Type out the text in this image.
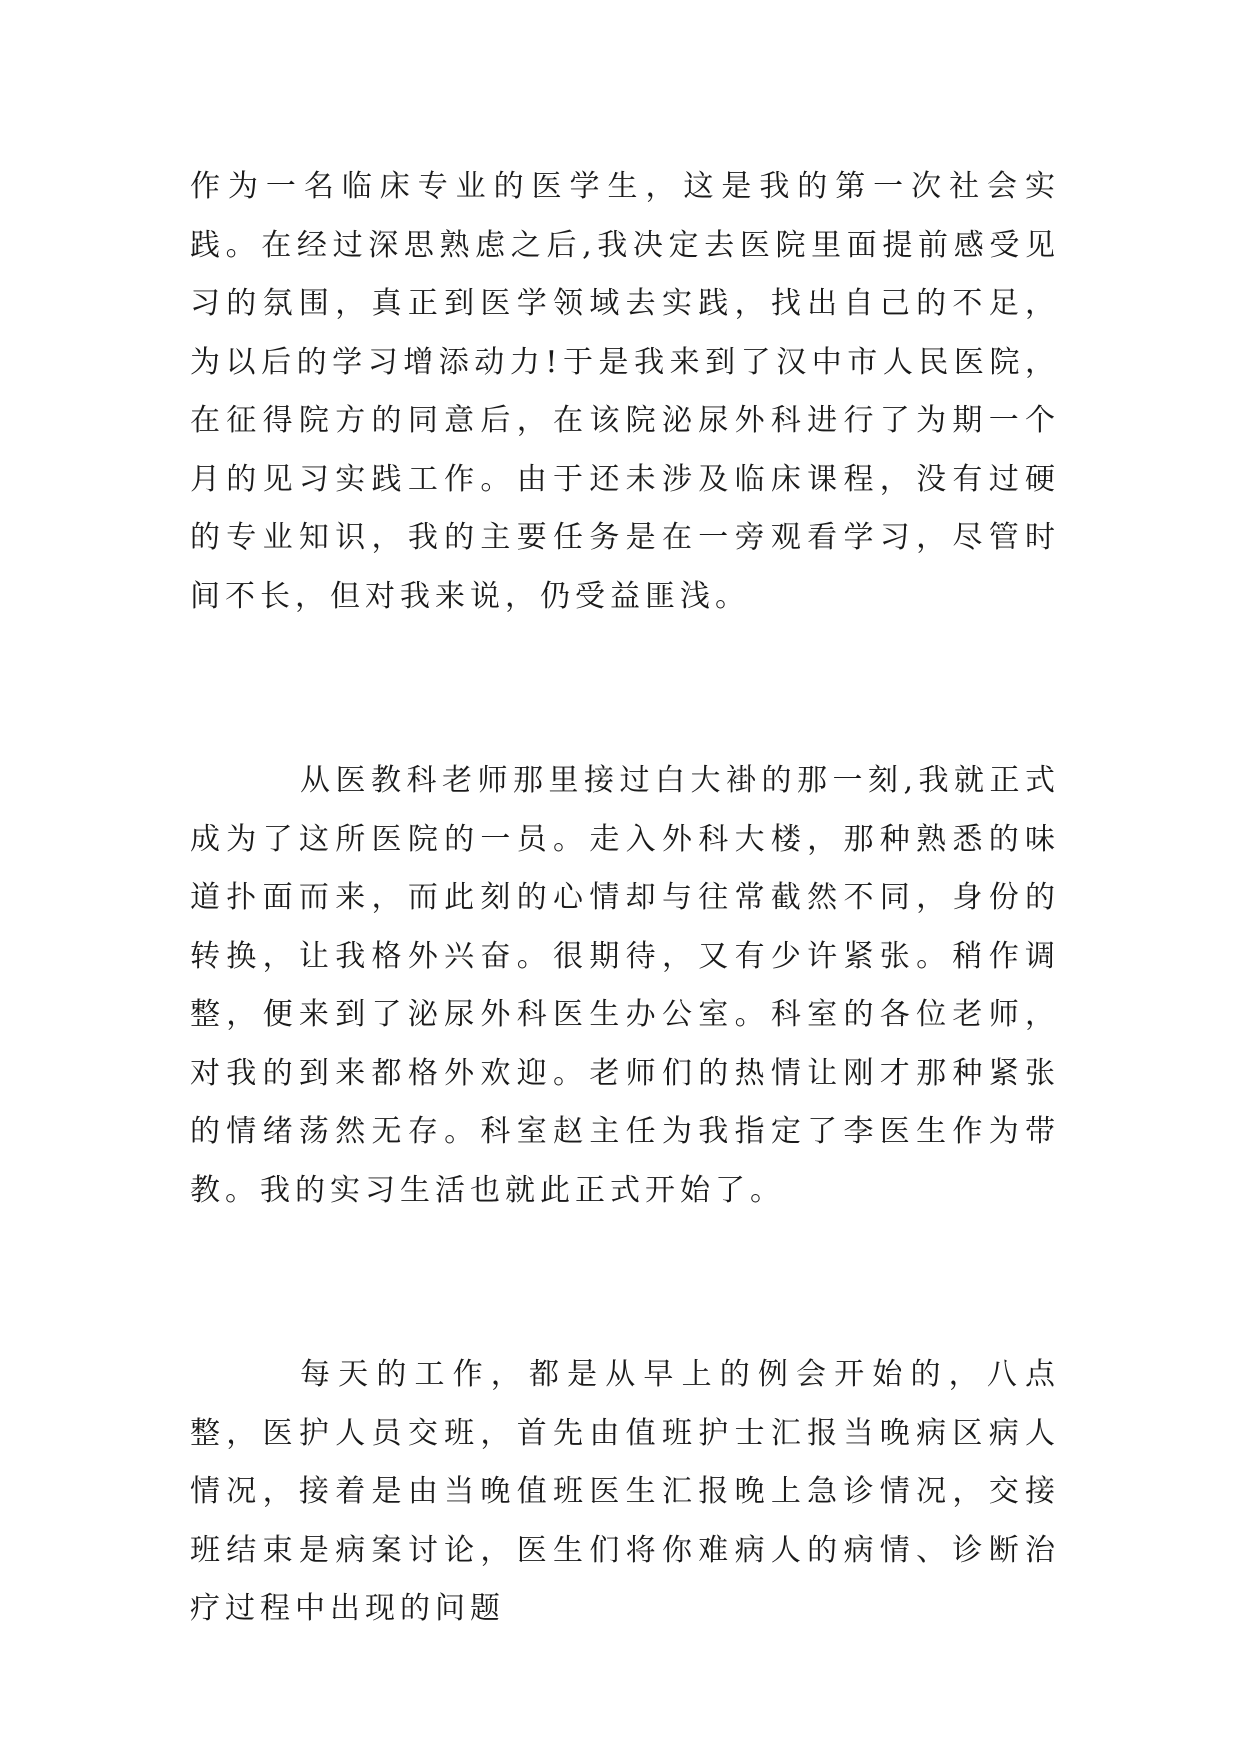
作为一名临床专业的医学生，这是我的第一次社会实践。在经过深思熟虑之后,我决定去医院里面提前感受见习的氛围，真正到医学领域去实践，找出自己的不足，为以后的学习增添动力!于是我来到了汉中市人民医院，在征得院方的同意后，在该院泌尿外科进行了为期一个月的见习实践工作。由于还未涉及临床课程，没有过硬的专业知识，我的主要任务是在一旁观看学习，尽管时间不长，但对我来说，仍受益匪浅。

从医教科老师那里接过白大褂的那一刻,我就正式成为了这所医院的一员。走入外科大楼，那种熟悉的味道扑面而来，而此刻的心情却与往常截然不同，身份的转换，让我格外兴奋。很期待，又有少许紧张。稍作调整，便来到了泌尿外科医生办公室。科室的各位老师，对我的到来都格外欢迎。老师们的热情让刚才那种紧张的情绪荡然无存。科室赵主任为我指定了李医生作为带教。我的实习生活也就此正式开始了。

每天的工作，都是从早上的例会开始的，八点整，医护人员交班，首先由值班护士汇报当晚病区病人情况，接着是由当晚值班医生汇报晚上急诊情况，交接班结束是病案讨论，医生们将你难病人的病情、诊断治疗过程中出现的问题
